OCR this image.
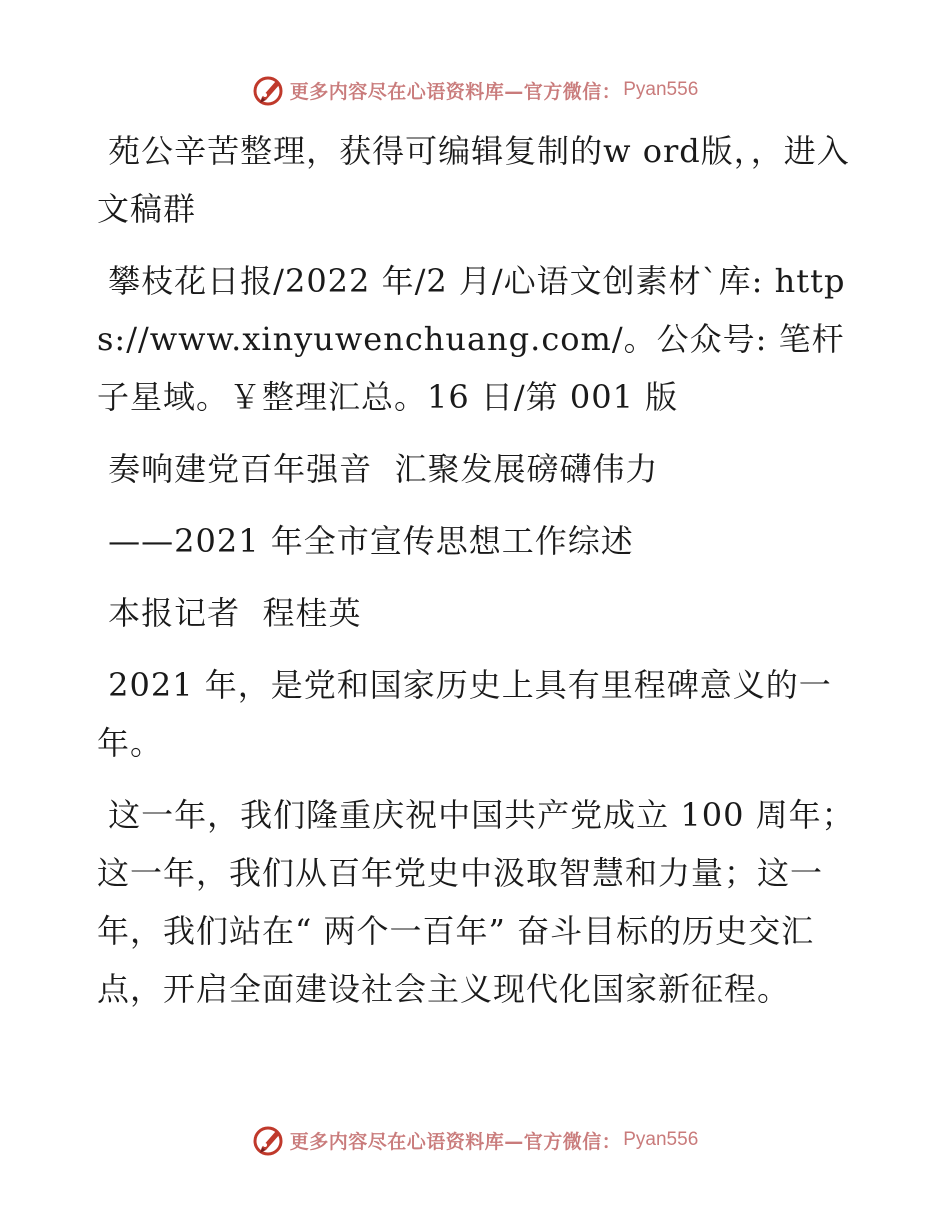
更多内容尽在心语资料库—官方微信： Pyan556

苑公辛苦整理，获得可编辑复制的w ord版，，进入文稿群

攀枝花日报/2022 年/2 月/心语文创素材`库: https://www.xinyuwenchuang.com/。公众号: 笔杆子星域。￥整理汇总。16 日/第 001 版

奏响建党百年强音  汇聚发展磅礴伟力

——2021 年全市宣传思想工作综述

本报记者  程桂英

2021 年，是党和国家历史上具有里程碑意义的一年。

这一年，我们隆重庆祝中国共产党成立 100 周年；这一年，我们从百年党史中汲取智慧和力量；这一年，我们站在“ 两个一百年” 奋斗目标的历史交汇点，开启全面建设社会主义现代化国家新征程。

更多内容尽在心语资料库—官方微信： Pyan556
